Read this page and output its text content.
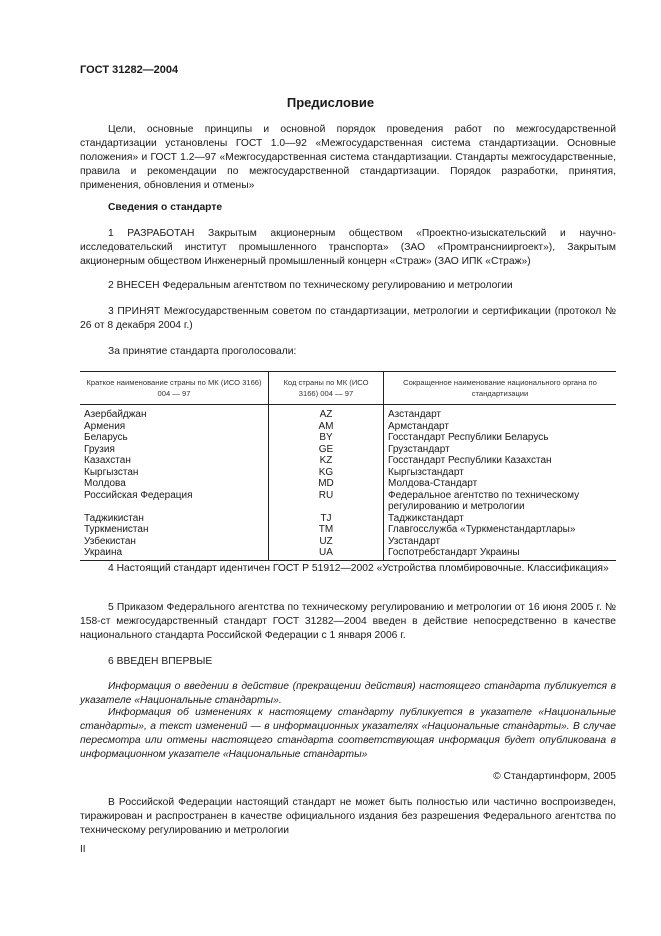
ГОСТ 31282—2004
Предисловие
Цели, основные принципы и основной порядок проведения работ по межгосударственной стандартизации установлены ГОСТ 1.0—92 «Межгосударственная система стандартизации. Основные положения» и ГОСТ 1.2—97 «Межгосударственная система стандартизации. Стандарты межгосударственные, правила и рекомендации по межгосударственной стандартизации. Порядок разработки, принятия, применения, обновления и отмены»
Сведения о стандарте
1 РАЗРАБОТАН Закрытым акционерным обществом «Проектно-изыскательский и научно-исследовательский институт промышленного транспорта» (ЗАО «Промтранснииproект»), Закрытым акционерным обществом Инженерный промышленный концерн «Страж» (ЗАО ИПК «Страж»)
2 ВНЕСЕН Федеральным агентством по техническому регулированию и метрологии
3 ПРИНЯТ Межгосударственным советом по стандартизации, метрологии и сертификации (протокол № 26 от 8 декабря 2004 г.)
За принятие стандарта проголосовали:
Краткое наименование страны по МК (ИСО 3166) 004 — 97	Код страны по МК (ИСО 3166) 004 — 97	Сокращенное наименование национального органа по стандартизации
Азербайджан	AZ	Азстандарт
Армения	AM	Армстандарт
Беларусь	BY	Госстандарт Республики Беларусь
Грузия	GE	Грузстандарт
Казахстан	KZ	Госстандарт Республики Казахстан
Кыргызстан	KG	Кыргызстандарт
Молдова	MD	Молдова-Стандарт
Российская Федерация	RU	Федеральное агентство по техническому регулированию и метрологии
Таджикистан	TJ	Таджикстандарт
Туркменистан	TM	Главгосслужба «Туркменстандартлары»
Узбекистан	UZ	Узстандарт
Украина	UA	Госпотребстандарт Украины
4 Настоящий стандарт идентичен ГОСТ Р 51912—2002 «Устройства пломбировочные. Классификация»
5 Приказом Федерального агентства по техническому регулированию и метрологии от 16 июня 2005 г. № 158-ст межгосударственный стандарт ГОСТ 31282—2004 введен в действие непосредственно в качестве национального стандарта Российской Федерации с 1 января 2006 г.
6 ВВЕДЕН ВПЕРВЫЕ
Информация о введении в действие (прекращении действия) настоящего стандарта публикуется в указателе «Национальные стандарты».
Информация об изменениях к настоящему стандарту публикуется в указателе «Национальные стандарты», а текст изменений — в информационных указателях «Национальные стандарты». В случае пересмотра или отмены настоящего стандарта соответствующая информация будет опубликована в информационном указателе «Национальные стандарты»
© Стандартинформ, 2005
В Российской Федерации настоящий стандарт не может быть полностью или частично воспроизведен, тиражирован и распространен в качестве официального издания без разрешения Федерального агентства по техническому регулированию и метрологии
II
